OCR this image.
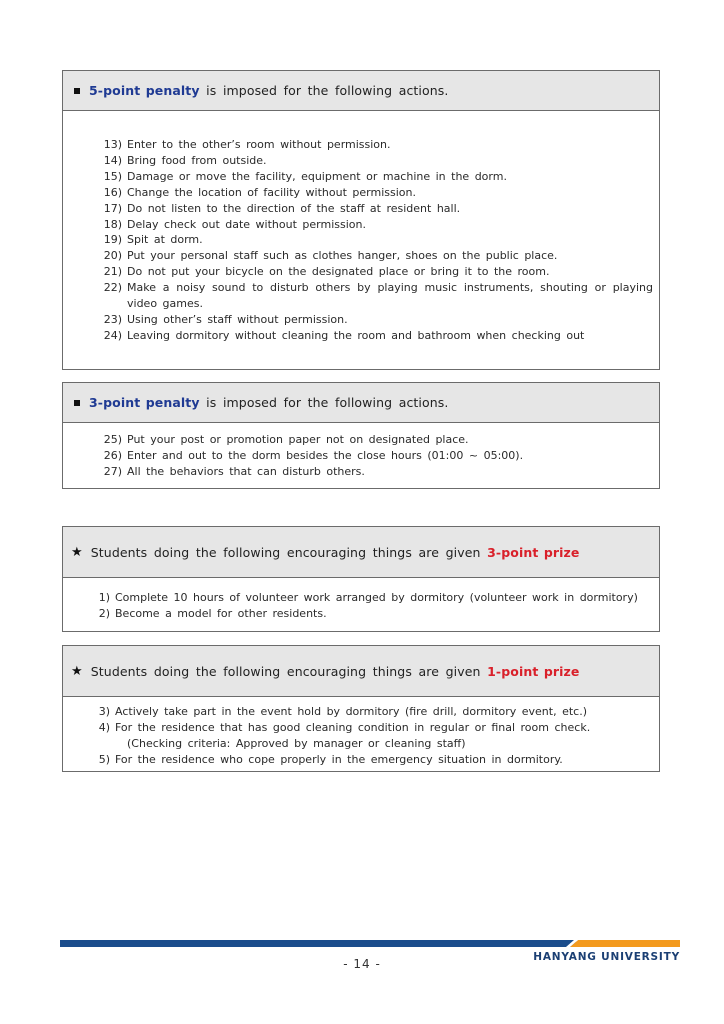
5-point penalty is imposed for the following actions.
13) Enter to the other’s room without permission.
14) Bring food from outside.
15) Damage or move the facility, equipment or machine in the dorm.
16) Change the location of facility without permission.
17) Do not listen to the direction of the staff at resident hall.
18) Delay check out date without permission.
19) Spit at dorm.
20) Put your personal staff such as clothes hanger, shoes on the public place.
21) Do not put your bicycle on the designated place or bring it to the room.
22) Make a noisy sound to disturb others by playing music instruments, shouting or playing video games.
23) Using other’s staff without permission.
24) Leaving dormitory without cleaning the room and bathroom when checking out
3-point penalty is imposed for the following actions.
25) Put your post or promotion paper not on designated place.
26) Enter and out to the dorm besides the close hours (01:00 ~ 05:00).
27) All the behaviors that can disturb others.
★ Students doing the following encouraging things are given 3-point prize
1) Complete 10 hours of volunteer work arranged by dormitory (volunteer work in dormitory)
2) Become a model for other residents.
★ Students doing the following encouraging things are given 1-point prize
3) Actively take part in the event hold by dormitory (fire drill, dormitory event, etc.)
4) For the residence that has good cleaning condition in regular or final room check.
(Checking criteria: Approved by manager or cleaning staff)
5) For the residence who cope properly in the emergency situation in dormitory.
- 14 -	HANYANG UNIVERSITY
